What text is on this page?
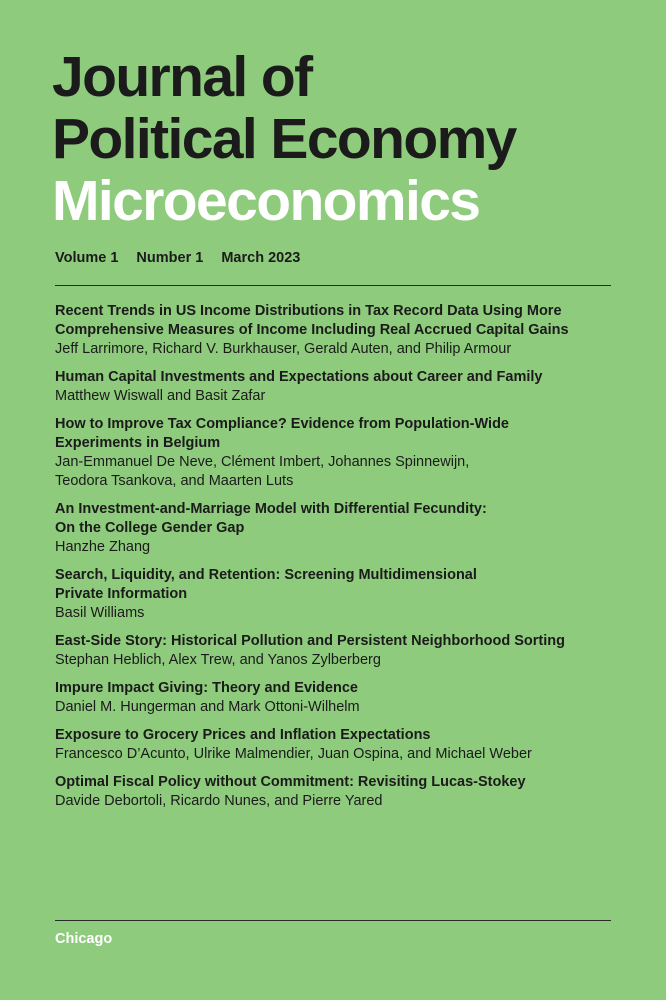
Journal of
Political Economy
Microeconomics
Volume 1 Number 1 March 2023
Recent Trends in US Income Distributions in Tax Record Data Using More
Comprehensive Measures of Income Including Real Accrued Capital Gains
Jeff Larrimore, Richard V. Burkhauser, Gerald Auten, and Philip Armour
Human Capital Investments and Expectations about Career and Family
Matthew Wiswall and Basit Zafar
How to Improve Tax Compliance? Evidence from Population-Wide
Experiments in Belgium
Jan-Emmanuel De Neve, Clément Imbert, Johannes Spinnewijn,
Teodora Tsankova, and Maarten Luts
An Investment-and-Marriage Model with Differential Fecundity:
On the College Gender Gap
Hanzhe Zhang
Search, Liquidity, and Retention: Screening Multidimensional
Private Information
Basil Williams
East-Side Story: Historical Pollution and Persistent Neighborhood Sorting
Stephan Heblich, Alex Trew, and Yanos Zylberberg
Impure Impact Giving: Theory and Evidence
Daniel M. Hungerman and Mark Ottoni-Wilhelm
Exposure to Grocery Prices and Inflation Expectations
Francesco D’Acunto, Ulrike Malmendier, Juan Ospina, and Michael Weber
Optimal Fiscal Policy without Commitment: Revisiting Lucas-Stokey
Davide Debortoli, Ricardo Nunes, and Pierre Yared
Chicago
